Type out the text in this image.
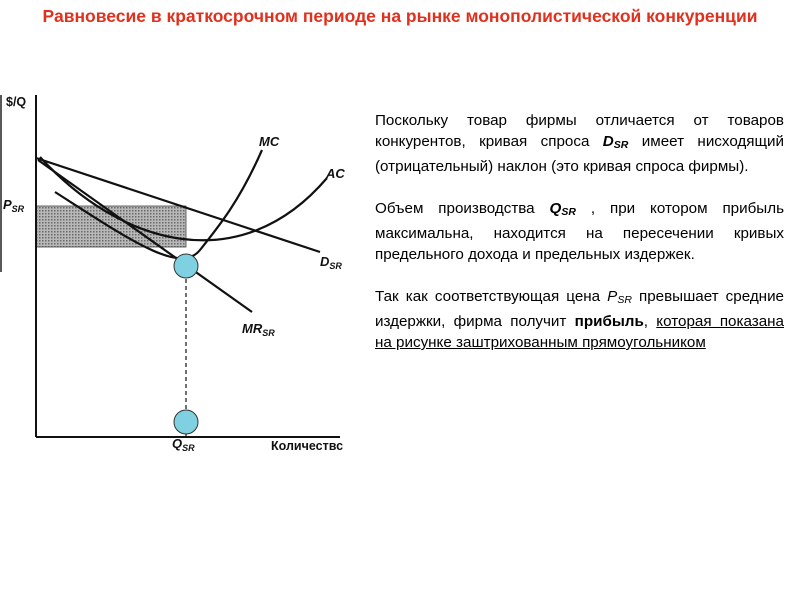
Равновесие в краткосрочном периоде на рынке монополистической конкуренции
$/Q
Количествс
MC
AC
$D_{SR}$
$MR_{SR}$
$P_{SR}$
$Q_{SR}$

Поскольку товар фирмы отличается от товаров конкурентов, кривая спроса DSR имеет нисходящий (отрицательный) наклон (это кривая спроса фирмы).

Объем производства QSR , при котором прибыль максимальна, находится на пересечении кривых предельного дохода и предельных издержек.

Так как соответствующая цена PSR превышает средние издержки, фирма получит прибыль, которая показана на рисунке заштрихованным прямоугольником
